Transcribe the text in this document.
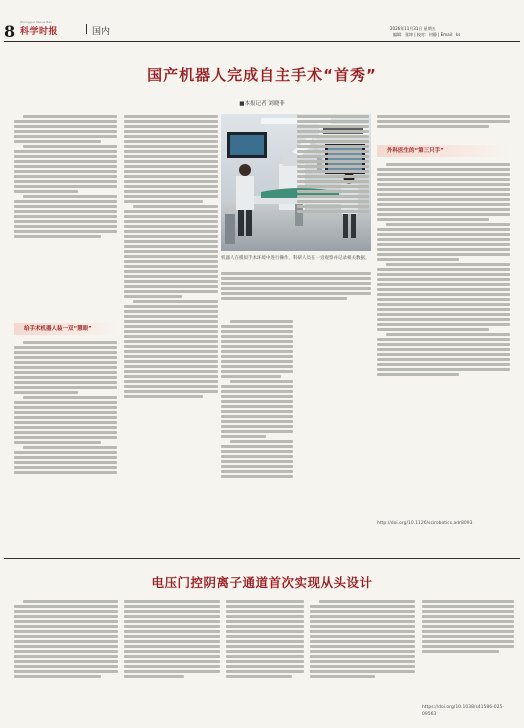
8 Zhongguo Kexue Bao
科学时报	国内	2026年11月31日 星期五
编辑：张坤 | 校对：何静 | Email：ks
国产机器人完成自主手术“首秀”
■本报记者 刘晓菲
给手术机器人装一双“慧眼”
机器人在模拟手术环境中进行操作，科研人员在一旁观察并记录相关数据。
外科医生的“第三只手”
http://doi.org/10.1126/scirobotics.adr8093
电压门控阴离子通道首次实现从头设计
https://doi.org/10.1038/s41586-025-09563
